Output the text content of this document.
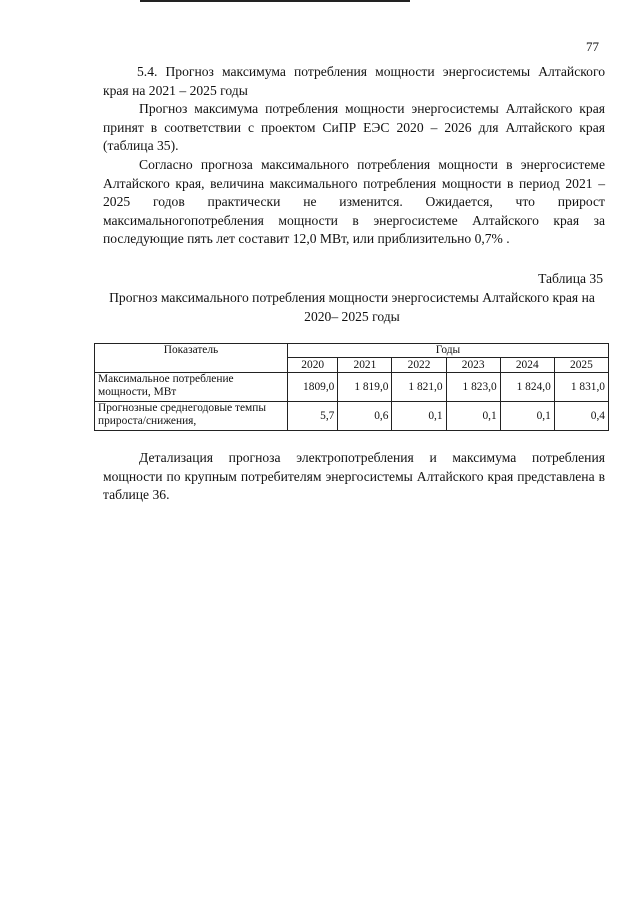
77

5.4. Прогноз максимума потребления мощности энергосистемы Алтайского края на 2021 – 2025 годы

Прогноз максимума потребления мощности энергосистемы Алтайского края принят в соответствии с проектом СиПР ЕЭС 2020 – 2026 для Алтайского края (таблица 35).

Согласно прогноза максимального потребления мощности в энергосистеме Алтайского края, величина максимального потребления мощности в период 2021 – 2025 годов практически не изменится. Ожидается, что прирост максимальногопотребления мощности в энергосистеме Алтайского края за последующие пять лет составит 12,0 МВт, или приблизительно 0,7% .

Таблица 35
Прогноз максимального потребления мощности энергосистемы Алтайского края на 2020– 2025 годы
Показатель	Годы					
	2020	2021	2022	2023	2024	2025
Максимальное потребление мощности, МВт	1809,0	1 819,0	1 821,0	1 823,0	1 824,0	1 831,0
Прогнозные среднегодовые темпы прироста/снижения,	5,7	0,6	0,1	0,1	0,1	0,4

Детализация прогноза электропотребления и максимума потребления мощности по крупным потребителям энергосистемы Алтайского края представлена в таблице 36.
